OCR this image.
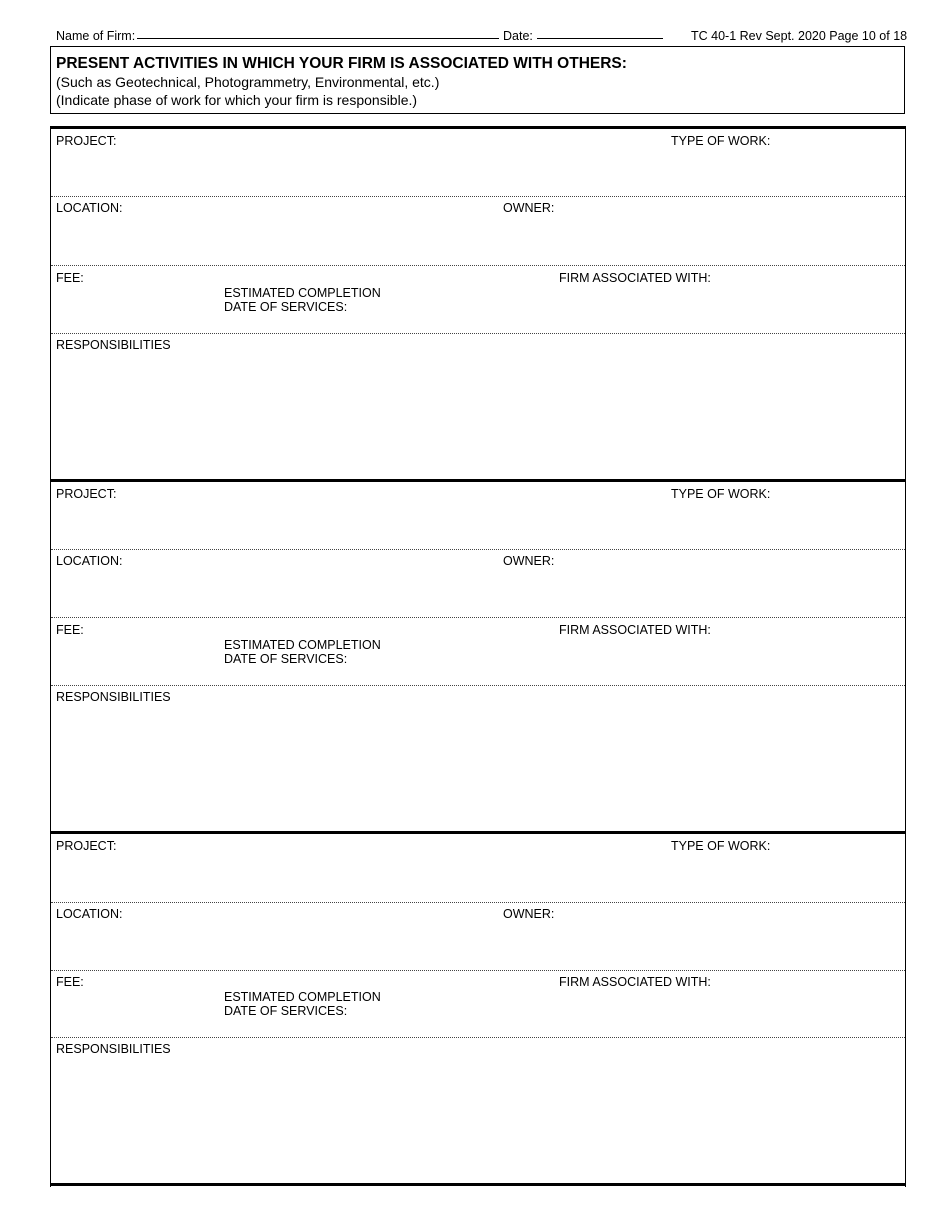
Name of Firm:	Date:	TC 40-1 Rev Sept. 2020 Page 10 of 18
PRESENT ACTIVITIES IN WHICH YOUR FIRM IS ASSOCIATED WITH OTHERS:
(Such as Geotechnical, Photogrammetry, Environmental, etc.)
(Indicate phase of work for which your firm is responsible.)
PROJECT:	TYPE OF WORK:
LOCATION:	OWNER:
FEE:	FIRM ASSOCIATED WITH:
ESTIMATED COMPLETION
DATE OF SERVICES:
RESPONSIBILITIES
PROJECT:	TYPE OF WORK:
LOCATION:	OWNER:
FEE:	FIRM ASSOCIATED WITH:
ESTIMATED COMPLETION
DATE OF SERVICES:
RESPONSIBILITIES
PROJECT:	TYPE OF WORK:
LOCATION:	OWNER:
FEE:	FIRM ASSOCIATED WITH:
ESTIMATED COMPLETION
DATE OF SERVICES:
RESPONSIBILITIES
